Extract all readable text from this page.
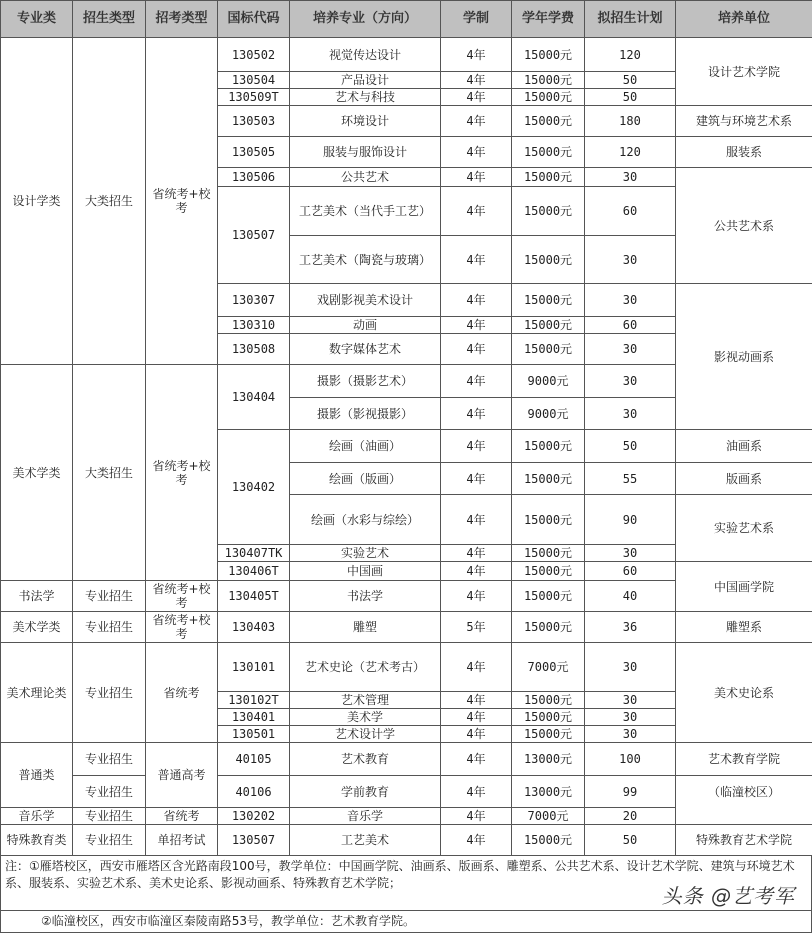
专业类	招生类型	招考类型	国标代码	培养专业（方向）	学制	学年学费	拟招生计划	培养单位
设计学类	大类招生	省统考+校考	130502	视觉传达设计	4年	15000元	120	设计艺术学院
			130504	产品设计	4年	15000元	50	
			130509T	艺术与科技	4年	15000元	50	
			130503	环境设计	4年	15000元	180	建筑与环境艺术系
			130505	服装与服饰设计	4年	15000元	120	服装系
			130506	公共艺术	4年	15000元	30	公共艺术系
			130507	工艺美术（当代手工艺）	4年	15000元	60	
				工艺美术（陶瓷与玻璃）	4年	15000元	30	
			130307	戏剧影视美术设计	4年	15000元	30	影视动画系
			130310	动画	4年	15000元	60	
			130508	数字媒体艺术	4年	15000元	30	
美术学类	大类招生	省统考+校考	130404	摄影（摄影艺术）	4年	9000元	30	
				摄影（影视摄影）	4年	9000元	30	
			130402	绘画（油画）	4年	15000元	50	油画系
				绘画（版画）	4年	15000元	55	版画系
				绘画（水彩与综绘）	4年	15000元	90	实验艺术系
			130407TK	实验艺术	4年	15000元	30	
			130406T	中国画	4年	15000元	60	中国画学院
书法学	专业招生	省统考+校考	130405T	书法学	4年	15000元	40	
美术学类	专业招生	省统考+校考	130403	雕塑	5年	15000元	36	雕塑系
美术理论类	专业招生	省统考	130101	艺术史论（艺术考古）	4年	7000元	30	美术史论系
			130102T	艺术管理	4年	15000元	30	
			130401	美术学	4年	15000元	30	
			130501	艺术设计学	4年	15000元	30	
普通类	专业招生	普通高考	40105	艺术教育	4年	13000元	100	艺术教育学院
	专业招生		40106	学前教育	4年	13000元	99	（临潼校区）
音乐学	专业招生	省统考	130202	音乐学	4年	7000元	20	
特殊教育类	专业招生	单招考试	130507	工艺美术	4年	15000元	50	特殊教育艺术学院
注：①雁塔校区，西安市雁塔区含光路南段100号，教学单位：中国画学院、油画系、版画系、雕塑系、公共艺术系、设计艺术学院、建筑与环境艺术系、服装系、实验艺术系、美术史论系、影视动画系、特殊教育艺术学院；
②临潼校区，西安市临潼区秦陵南路53号，教学单位：艺术教育学院。
头条 @艺考军
